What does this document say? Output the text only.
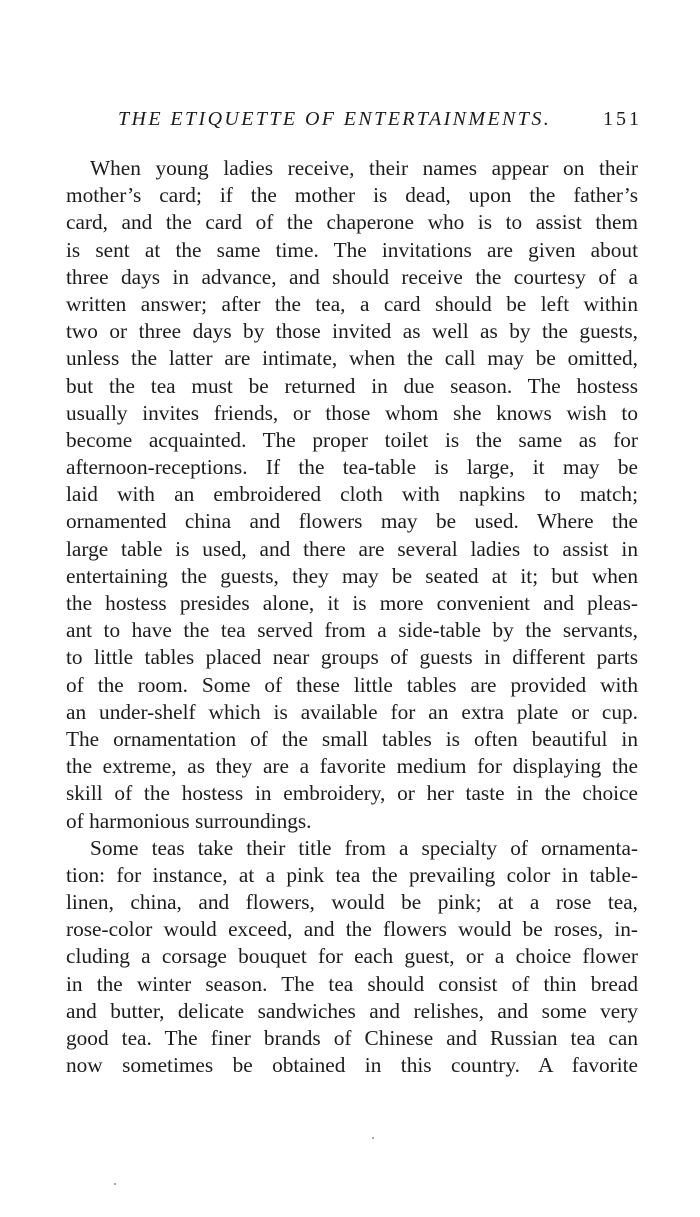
THE ETIQUETTE OF ENTERTAINMENTS.	151
When young ladies receive, their names appear on their
mother’s card; if the mother is dead, upon the father’s
card, and the card of the chaperone who is to assist them
is sent at the same time. The invitations are given about
three days in advance, and should receive the courtesy of a
written answer; after the tea, a card should be left within
two or three days by those invited as well as by the guests,
unless the latter are intimate, when the call may be omitted,
but the tea must be returned in due season. The hostess
usually invites friends, or those whom she knows wish to
become acquainted. The proper toilet is the same as for
afternoon-receptions. If the tea-table is large, it may be
laid with an embroidered cloth with napkins to match;
ornamented china and flowers may be used. Where the
large table is used, and there are several ladies to assist in
entertaining the guests, they may be seated at it; but when
the hostess presides alone, it is more convenient and pleas-
ant to have the tea served from a side-table by the servants,
to little tables placed near groups of guests in different parts
of the room. Some of these little tables are provided with
an under-shelf which is available for an extra plate or cup.
The ornamentation of the small tables is often beautiful in
the extreme, as they are a favorite medium for displaying the
skill of the hostess in embroidery, or her taste in the choice
of harmonious surroundings.
Some teas take their title from a specialty of ornamenta-
tion: for instance, at a pink tea the prevailing color in table-
linen, china, and flowers, would be pink; at a rose tea,
rose-color would exceed, and the flowers would be roses, in-
cluding a corsage bouquet for each guest, or a choice flower
in the winter season. The tea should consist of thin bread
and butter, delicate sandwiches and relishes, and some very
good tea. The finer brands of Chinese and Russian tea can
now sometimes be obtained in this country. A favorite
